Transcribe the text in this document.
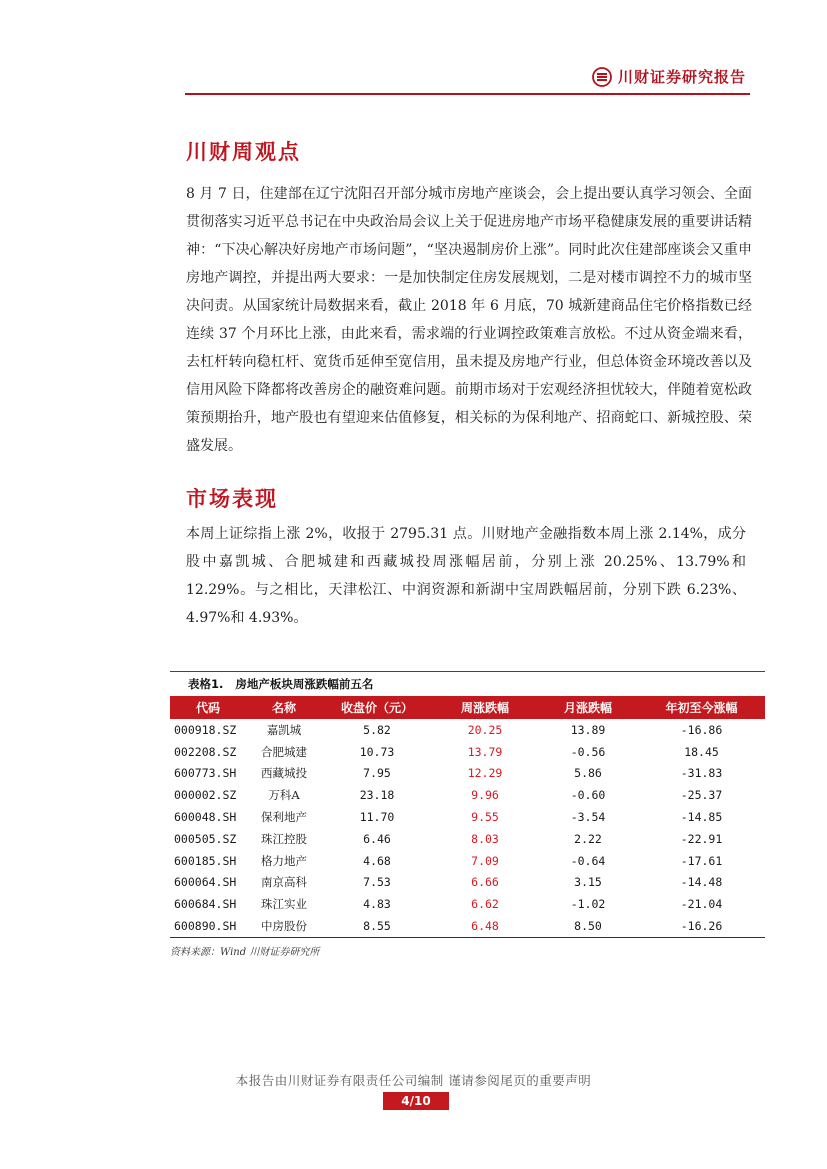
川财证券研究报告
川财周观点

8 月 7 日，住建部在辽宁沈阳召开部分城市房地产座谈会，会上提出要认真学习领会、全面贯彻落实习近平总书记在中央政治局会议上关于促进房地产市场平稳健康发展的重要讲话精神：“下决心解决好房地产市场问题”，“坚决遏制房价上涨”。同时此次住建部座谈会又重申房地产调控，并提出两大要求：一是加快制定住房发展规划，二是对楼市调控不力的城市坚决问责。从国家统计局数据来看，截止 2018 年 6 月底，70 城新建商品住宅价格指数已经连续 37 个月环比上涨，由此来看，需求端的行业调控政策难言放松。不过从资金端来看，去杠杆转向稳杠杆、宽货币延伸至宽信用，虽未提及房地产行业，但总体资金环境改善以及信用风险下降都将改善房企的融资难问题。前期市场对于宏观经济担忧较大，伴随着宽松政策预期抬升，地产股也有望迎来估值修复，相关标的为保利地产、招商蛇口、新城控股、荣盛发展。

市场表现

本周上证综指上涨 2%，收报于 2795.31 点。川财地产金融指数本周上涨 2.14%，成分股中嘉凯城、合肥城建和西藏城投周涨幅居前，分别上涨 20.25%、13.79%和 12.29%。与之相比，天津松江、中润资源和新湖中宝周跌幅居前，分别下跌 6.23%、4.97%和 4.93%。

表格1. 房地产板块周涨跌幅前五名
代码	名称	收盘价（元）	周涨跌幅	月涨跌幅	年初至今涨幅
000918.SZ	嘉凯城	5.82	20.25	13.89	-16.86
002208.SZ	合肥城建	10.73	13.79	-0.56	18.45
600773.SH	西藏城投	7.95	12.29	5.86	-31.83
000002.SZ	万科A	23.18	9.96	-0.60	-25.37
600048.SH	保利地产	11.70	9.55	-3.54	-14.85
000505.SZ	珠江控股	6.46	8.03	2.22	-22.91
600185.SH	格力地产	4.68	7.09	-0.64	-17.61
600064.SH	南京高科	7.53	6.66	3.15	-14.48
600684.SH	珠江实业	4.83	6.62	-1.02	-21.04
600890.SH	中房股份	8.55	6.48	8.50	-16.26
资料来源：Wind 川财证券研究所
本报告由川财证券有限责任公司编制 谨请参阅尾页的重要声明
4/10
